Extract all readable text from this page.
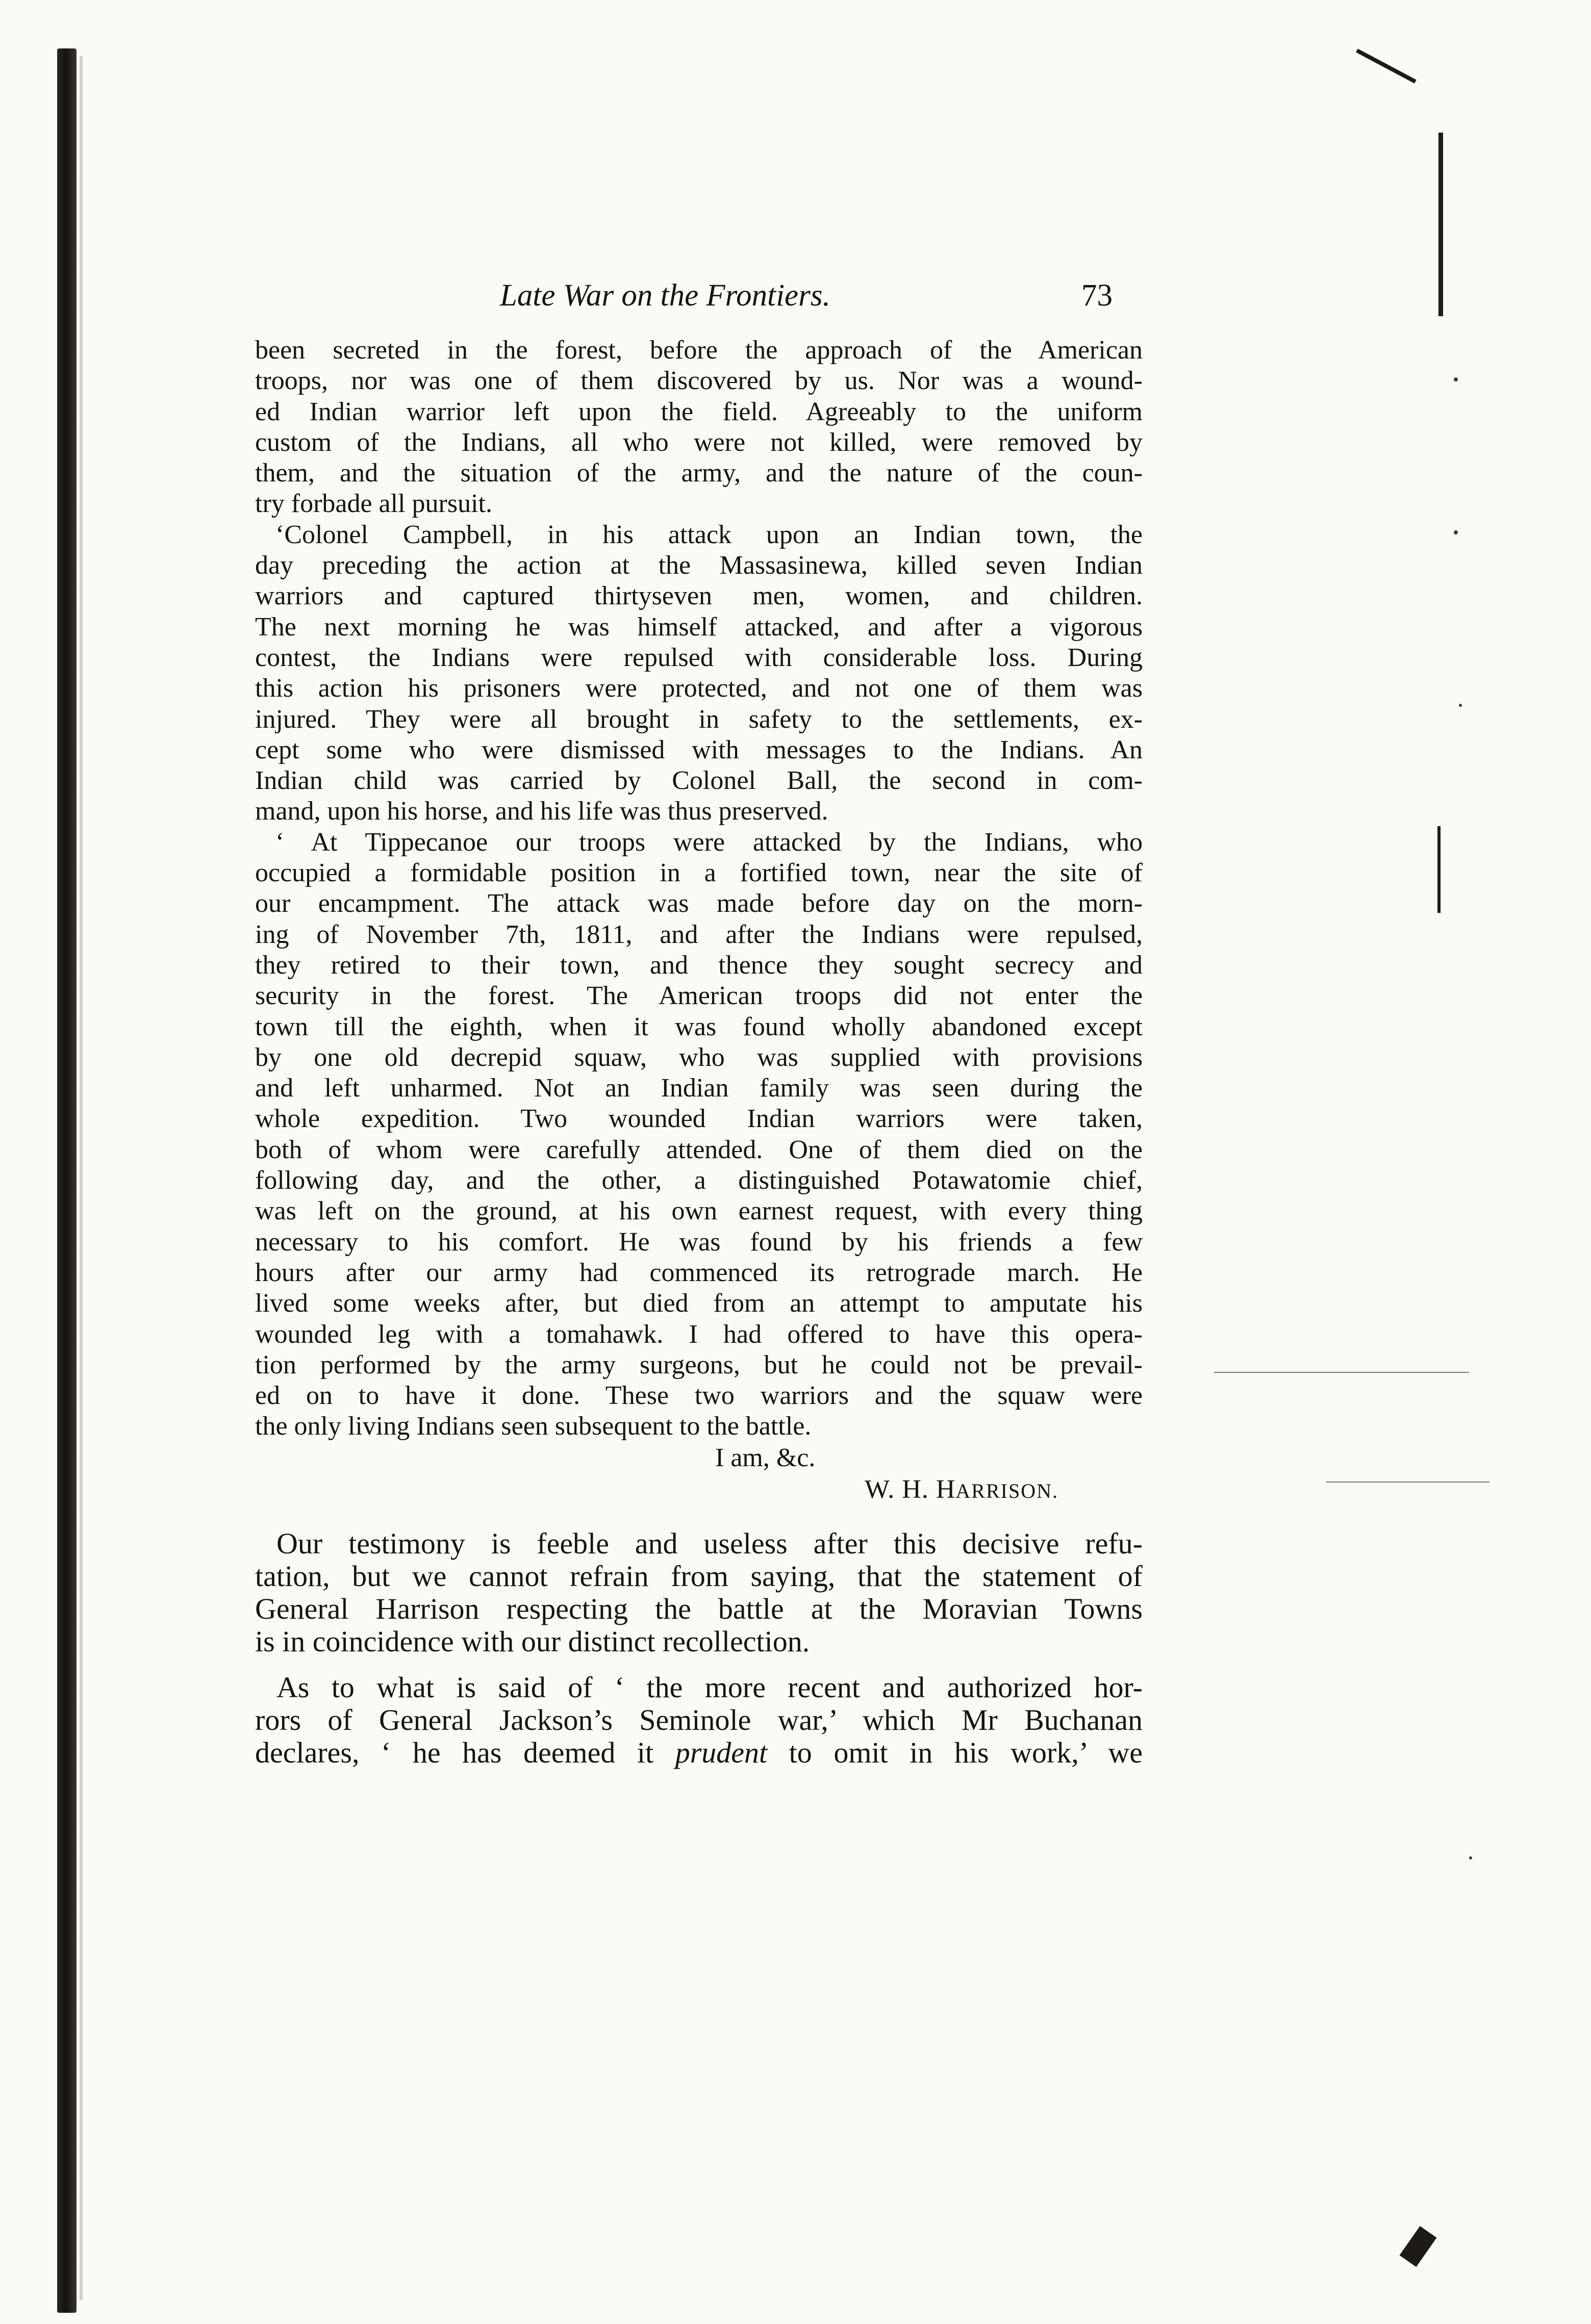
Late War on the Frontiers.	73
been secreted in the forest, before the approach of the American
troops, nor was one of them discovered by us. Nor was a wound-
ed Indian warrior left upon the field. Agreeably to the uniform
custom of the Indians, all who were not killed, were removed by
them, and the situation of the army, and the nature of the coun-
try forbade all pursuit.
‘Colonel Campbell, in his attack upon an Indian town, the
day preceding the action at the Massasinewa, killed seven Indian
warriors and captured thirtyseven men, women, and children.
The next morning he was himself attacked, and after a vigorous
contest, the Indians were repulsed with considerable loss. During
this action his prisoners were protected, and not one of them was
injured. They were all brought in safety to the settlements, ex-
cept some who were dismissed with messages to the Indians. An
Indian child was carried by Colonel Ball, the second in com-
mand, upon his horse, and his life was thus preserved.
‘ At Tippecanoe our troops were attacked by the Indians, who
occupied a formidable position in a fortified town, near the site of
our encampment. The attack was made before day on the morn-
ing of November 7th, 1811, and after the Indians were repulsed,
they retired to their town, and thence they sought secrecy and
security in the forest. The American troops did not enter the
town till the eighth, when it was found wholly abandoned except
by one old decrepid squaw, who was supplied with provisions
and left unharmed. Not an Indian family was seen during the
whole expedition. Two wounded Indian warriors were taken,
both of whom were carefully attended. One of them died on the
following day, and the other, a distinguished Potawatomie chief,
was left on the ground, at his own earnest request, with every thing
necessary to his comfort. He was found by his friends a few
hours after our army had commenced its retrograde march. He
lived some weeks after, but died from an attempt to amputate his
wounded leg with a tomahawk. I had offered to have this opera-
tion performed by the army surgeons, but he could not be prevail-
ed on to have it done. These two warriors and the squaw were
the only living Indians seen subsequent to the battle.
I am, &c.
W. H. HARRISON.
Our testimony is feeble and useless after this decisive refu-
tation, but we cannot refrain from saying, that the statement of
General Harrison respecting the battle at the Moravian Towns
is in coincidence with our distinct recollection.
As to what is said of ‘ the more recent and authorized hor-
rors of General Jackson’s Seminole war,’ which Mr Buchanan
declares, ‘ he has deemed it prudent to omit in his work,’ we
